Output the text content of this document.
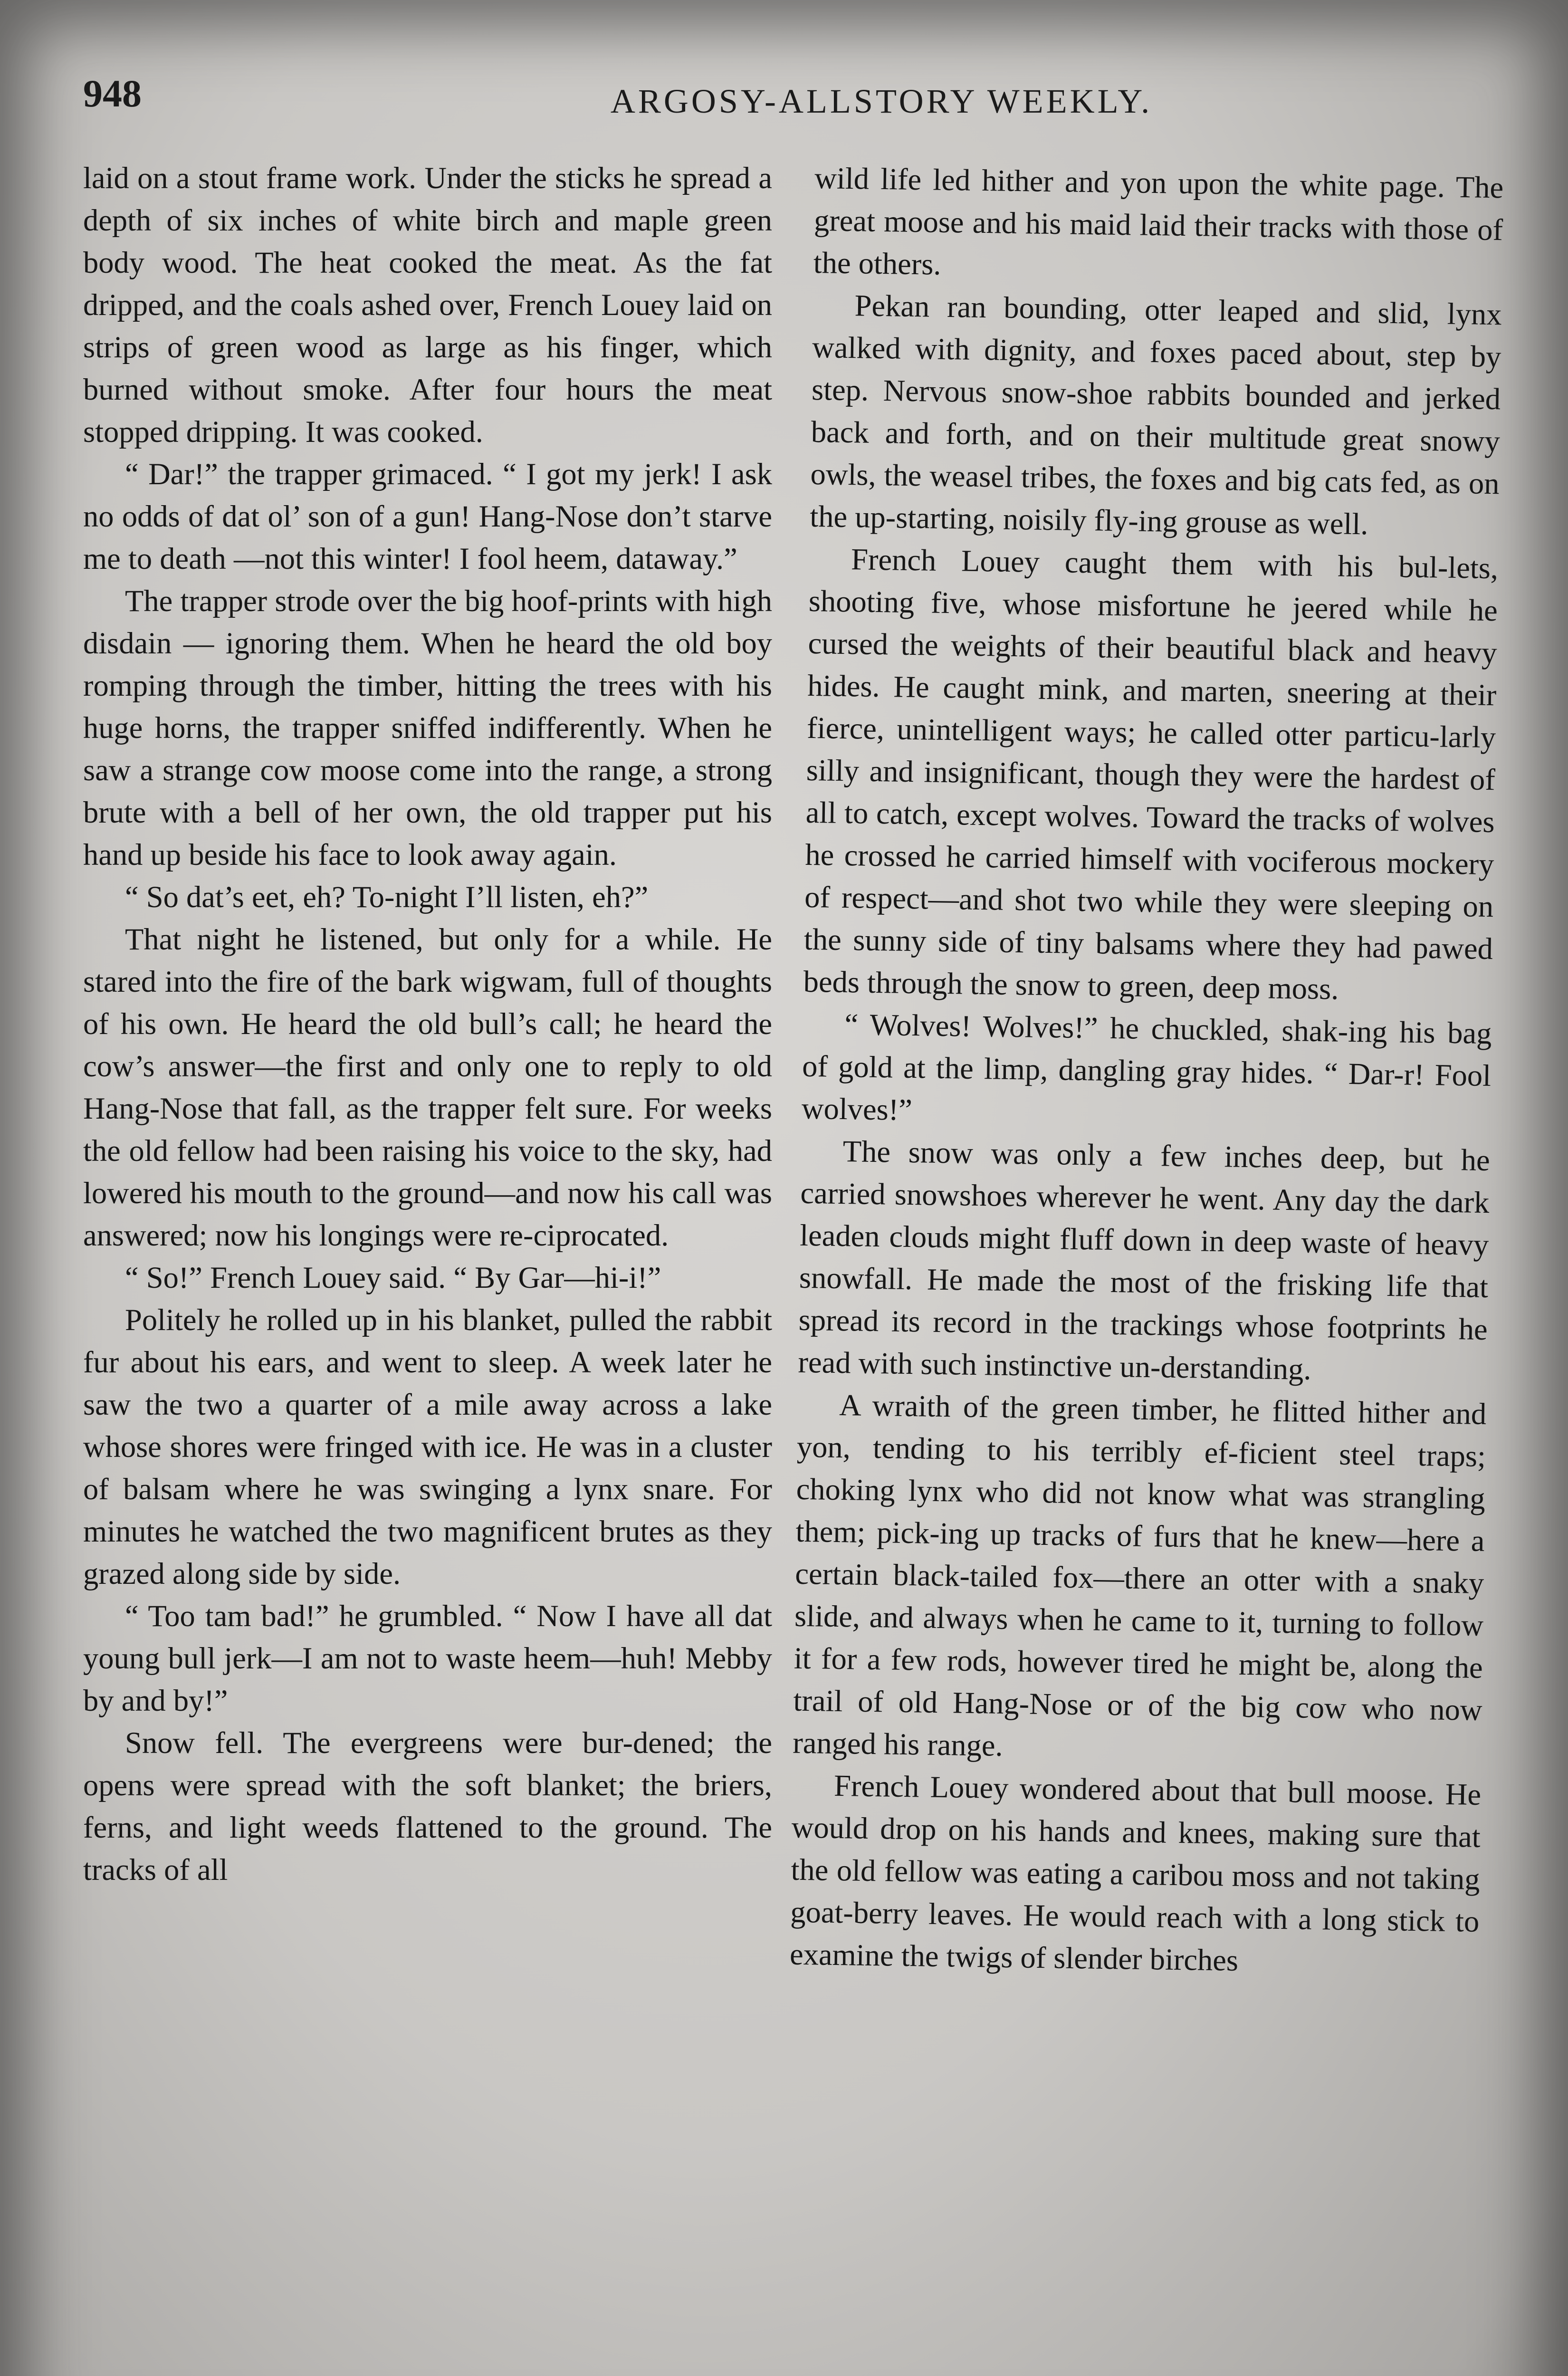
948	ARGOSY-ALLSTORY WEEKLY.

laid on a stout frame work. Under the sticks he spread a depth of six inches of white birch and maple green body wood. The heat cooked the meat. As the fat dripped, and the coals ashed over, French Louey laid on strips of green wood as large as his finger, which burned without smoke. After four hours the meat stopped dripping. It was cooked.

“ Dar!” the trapper grimaced. “ I got my jerk! I ask no odds of dat ol’ son of a gun! Hang-Nose don’t starve me to death —not this winter! I fool heem, dataway.”

The trapper strode over the big hoof-prints with high disdain — ignoring them. When he heard the old boy romping through the timber, hitting the trees with his huge horns, the trapper sniffed indifferently. When he saw a strange cow moose come into the range, a strong brute with a bell of her own, the old trapper put his hand up beside his face to look away again.

“ So dat’s eet, eh? To-night I’ll listen, eh?”

That night he listened, but only for a while. He stared into the fire of the bark wigwam, full of thoughts of his own. He heard the old bull’s call; he heard the cow’s answer—the first and only one to reply to old Hang-Nose that fall, as the trapper felt sure. For weeks the old fellow had been raising his voice to the sky, had lowered his mouth to the ground—and now his call was answered; now his longings were re-ciprocated.

“ So!” French Louey said. “ By Gar—hi-i!”

Politely he rolled up in his blanket, pulled the rabbit fur about his ears, and went to sleep. A week later he saw the two a quarter of a mile away across a lake whose shores were fringed with ice. He was in a cluster of balsam where he was swinging a lynx snare. For minutes he watched the two magnificent brutes as they grazed along side by side.

“ Too tam bad!” he grumbled. “ Now I have all dat young bull jerk—I am not to waste heem—huh! Mebby by and by!”

Snow fell. The evergreens were bur-dened; the opens were spread with the soft blanket; the briers, ferns, and light weeds flattened to the ground. The tracks of all

wild life led hither and yon upon the white page. The great moose and his maid laid their tracks with those of the others.

Pekan ran bounding, otter leaped and slid, lynx walked with dignity, and foxes paced about, step by step. Nervous snow-shoe rabbits bounded and jerked back and forth, and on their multitude great snowy owls, the weasel tribes, the foxes and big cats fed, as on the up-starting, noisily fly-ing grouse as well.

French Louey caught them with his bul-lets, shooting five, whose misfortune he jeered while he cursed the weights of their beautiful black and heavy hides. He caught mink, and marten, sneering at their fierce, unintelligent ways; he called otter particu-larly silly and insignificant, though they were the hardest of all to catch, except wolves. Toward the tracks of wolves he crossed he carried himself with vociferous mockery of respect—and shot two while they were sleeping on the sunny side of tiny balsams where they had pawed beds through the snow to green, deep moss.

“ Wolves! Wolves!” he chuckled, shak-ing his bag of gold at the limp, dangling gray hides. “ Dar-r! Fool wolves!”

The snow was only a few inches deep, but he carried snowshoes wherever he went. Any day the dark leaden clouds might fluff down in deep waste of heavy snowfall. He made the most of the frisking life that spread its record in the trackings whose footprints he read with such instinctive un-derstanding.

A wraith of the green timber, he flitted hither and yon, tending to his terribly ef-ficient steel traps; choking lynx who did not know what was strangling them; pick-ing up tracks of furs that he knew—here a certain black-tailed fox—there an otter with a snaky slide, and always when he came to it, turning to follow it for a few rods, however tired he might be, along the trail of old Hang-Nose or of the big cow who now ranged his range.

French Louey wondered about that bull moose. He would drop on his hands and knees, making sure that the old fellow was eating a caribou moss and not taking goat-berry leaves. He would reach with a long stick to examine the twigs of slender birches
